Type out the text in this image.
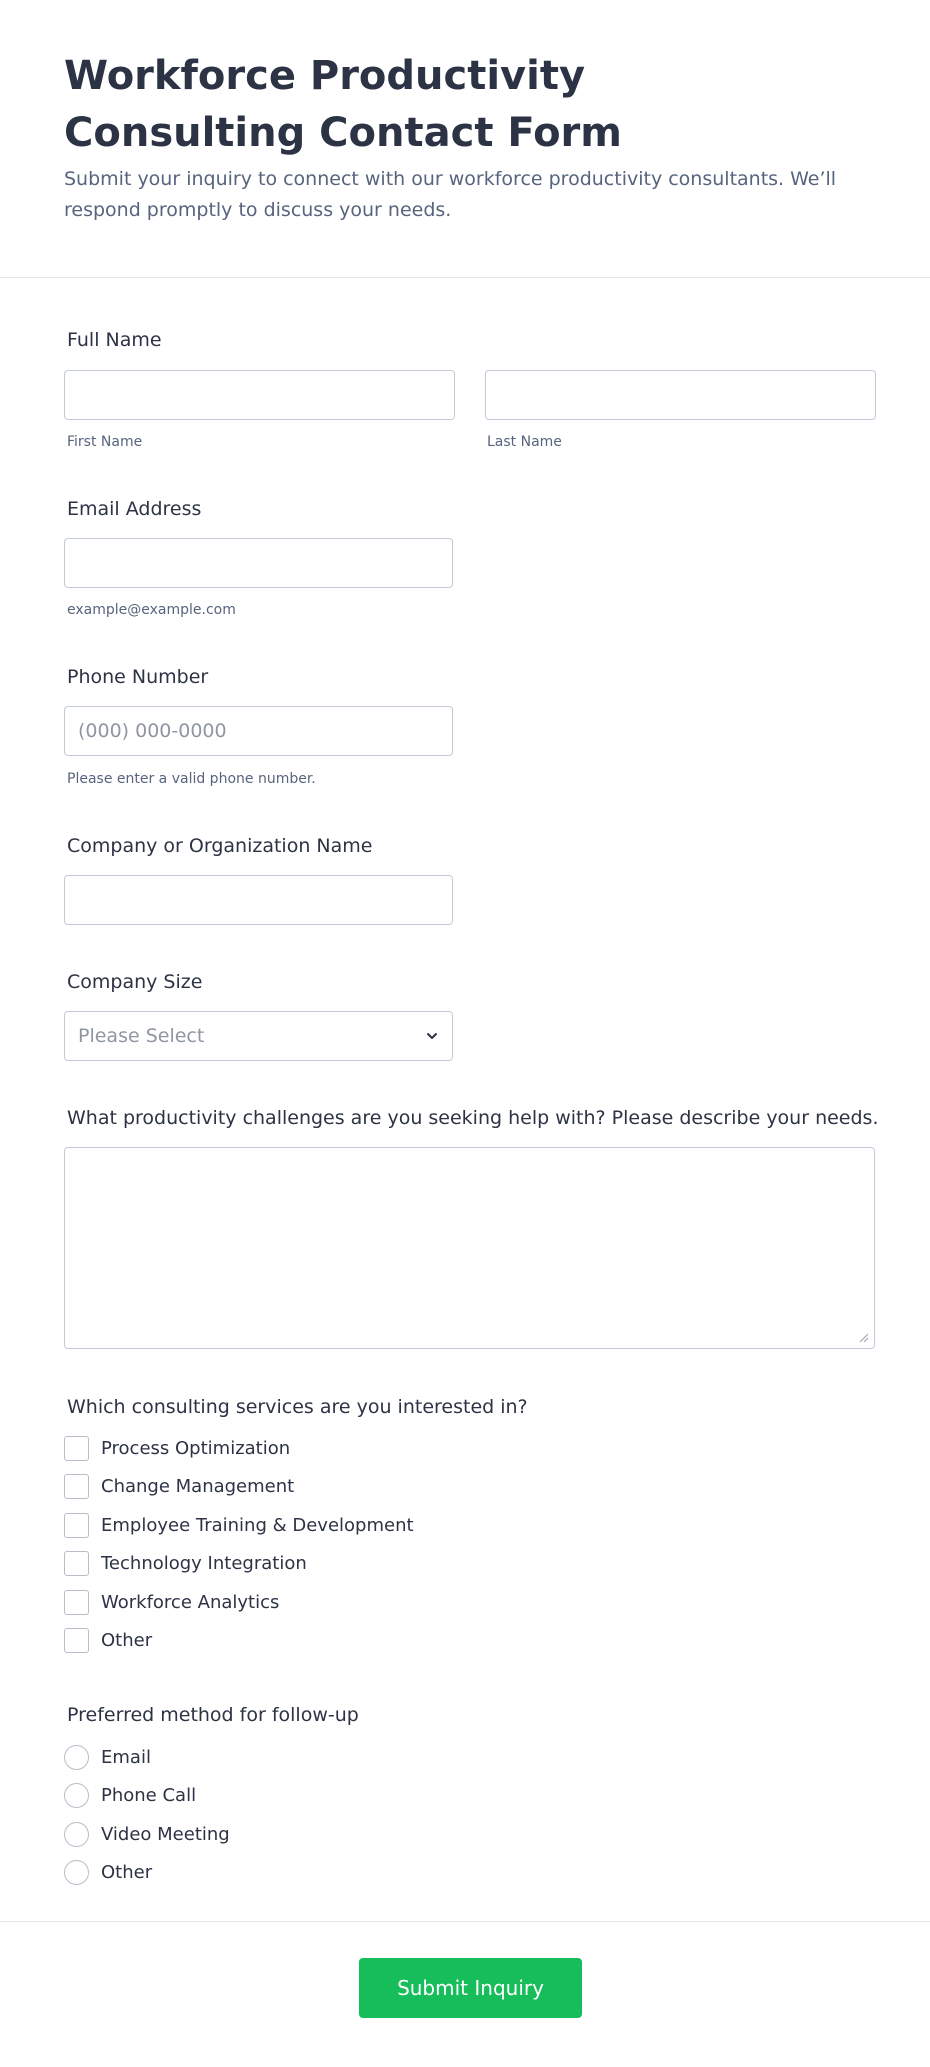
Workforce Productivity Consulting Contact Form

Submit your inquiry to connect with our workforce productivity consultants. We’ll respond promptly to discuss your needs.

Full Name
First Name	Last Name
Email Address
example@example.com
Phone Number
(000) 000-0000
Please enter a valid phone number.
Company or Organization Name
Company Size
Please Select
What productivity challenges are you seeking help with? Please describe your needs.
Which consulting services are you interested in?
Process Optimization
Change Management
Employee Training & Development
Technology Integration
Workforce Analytics
Other
Preferred method for follow-up
Email
Phone Call
Video Meeting
Other
Submit Inquiry
